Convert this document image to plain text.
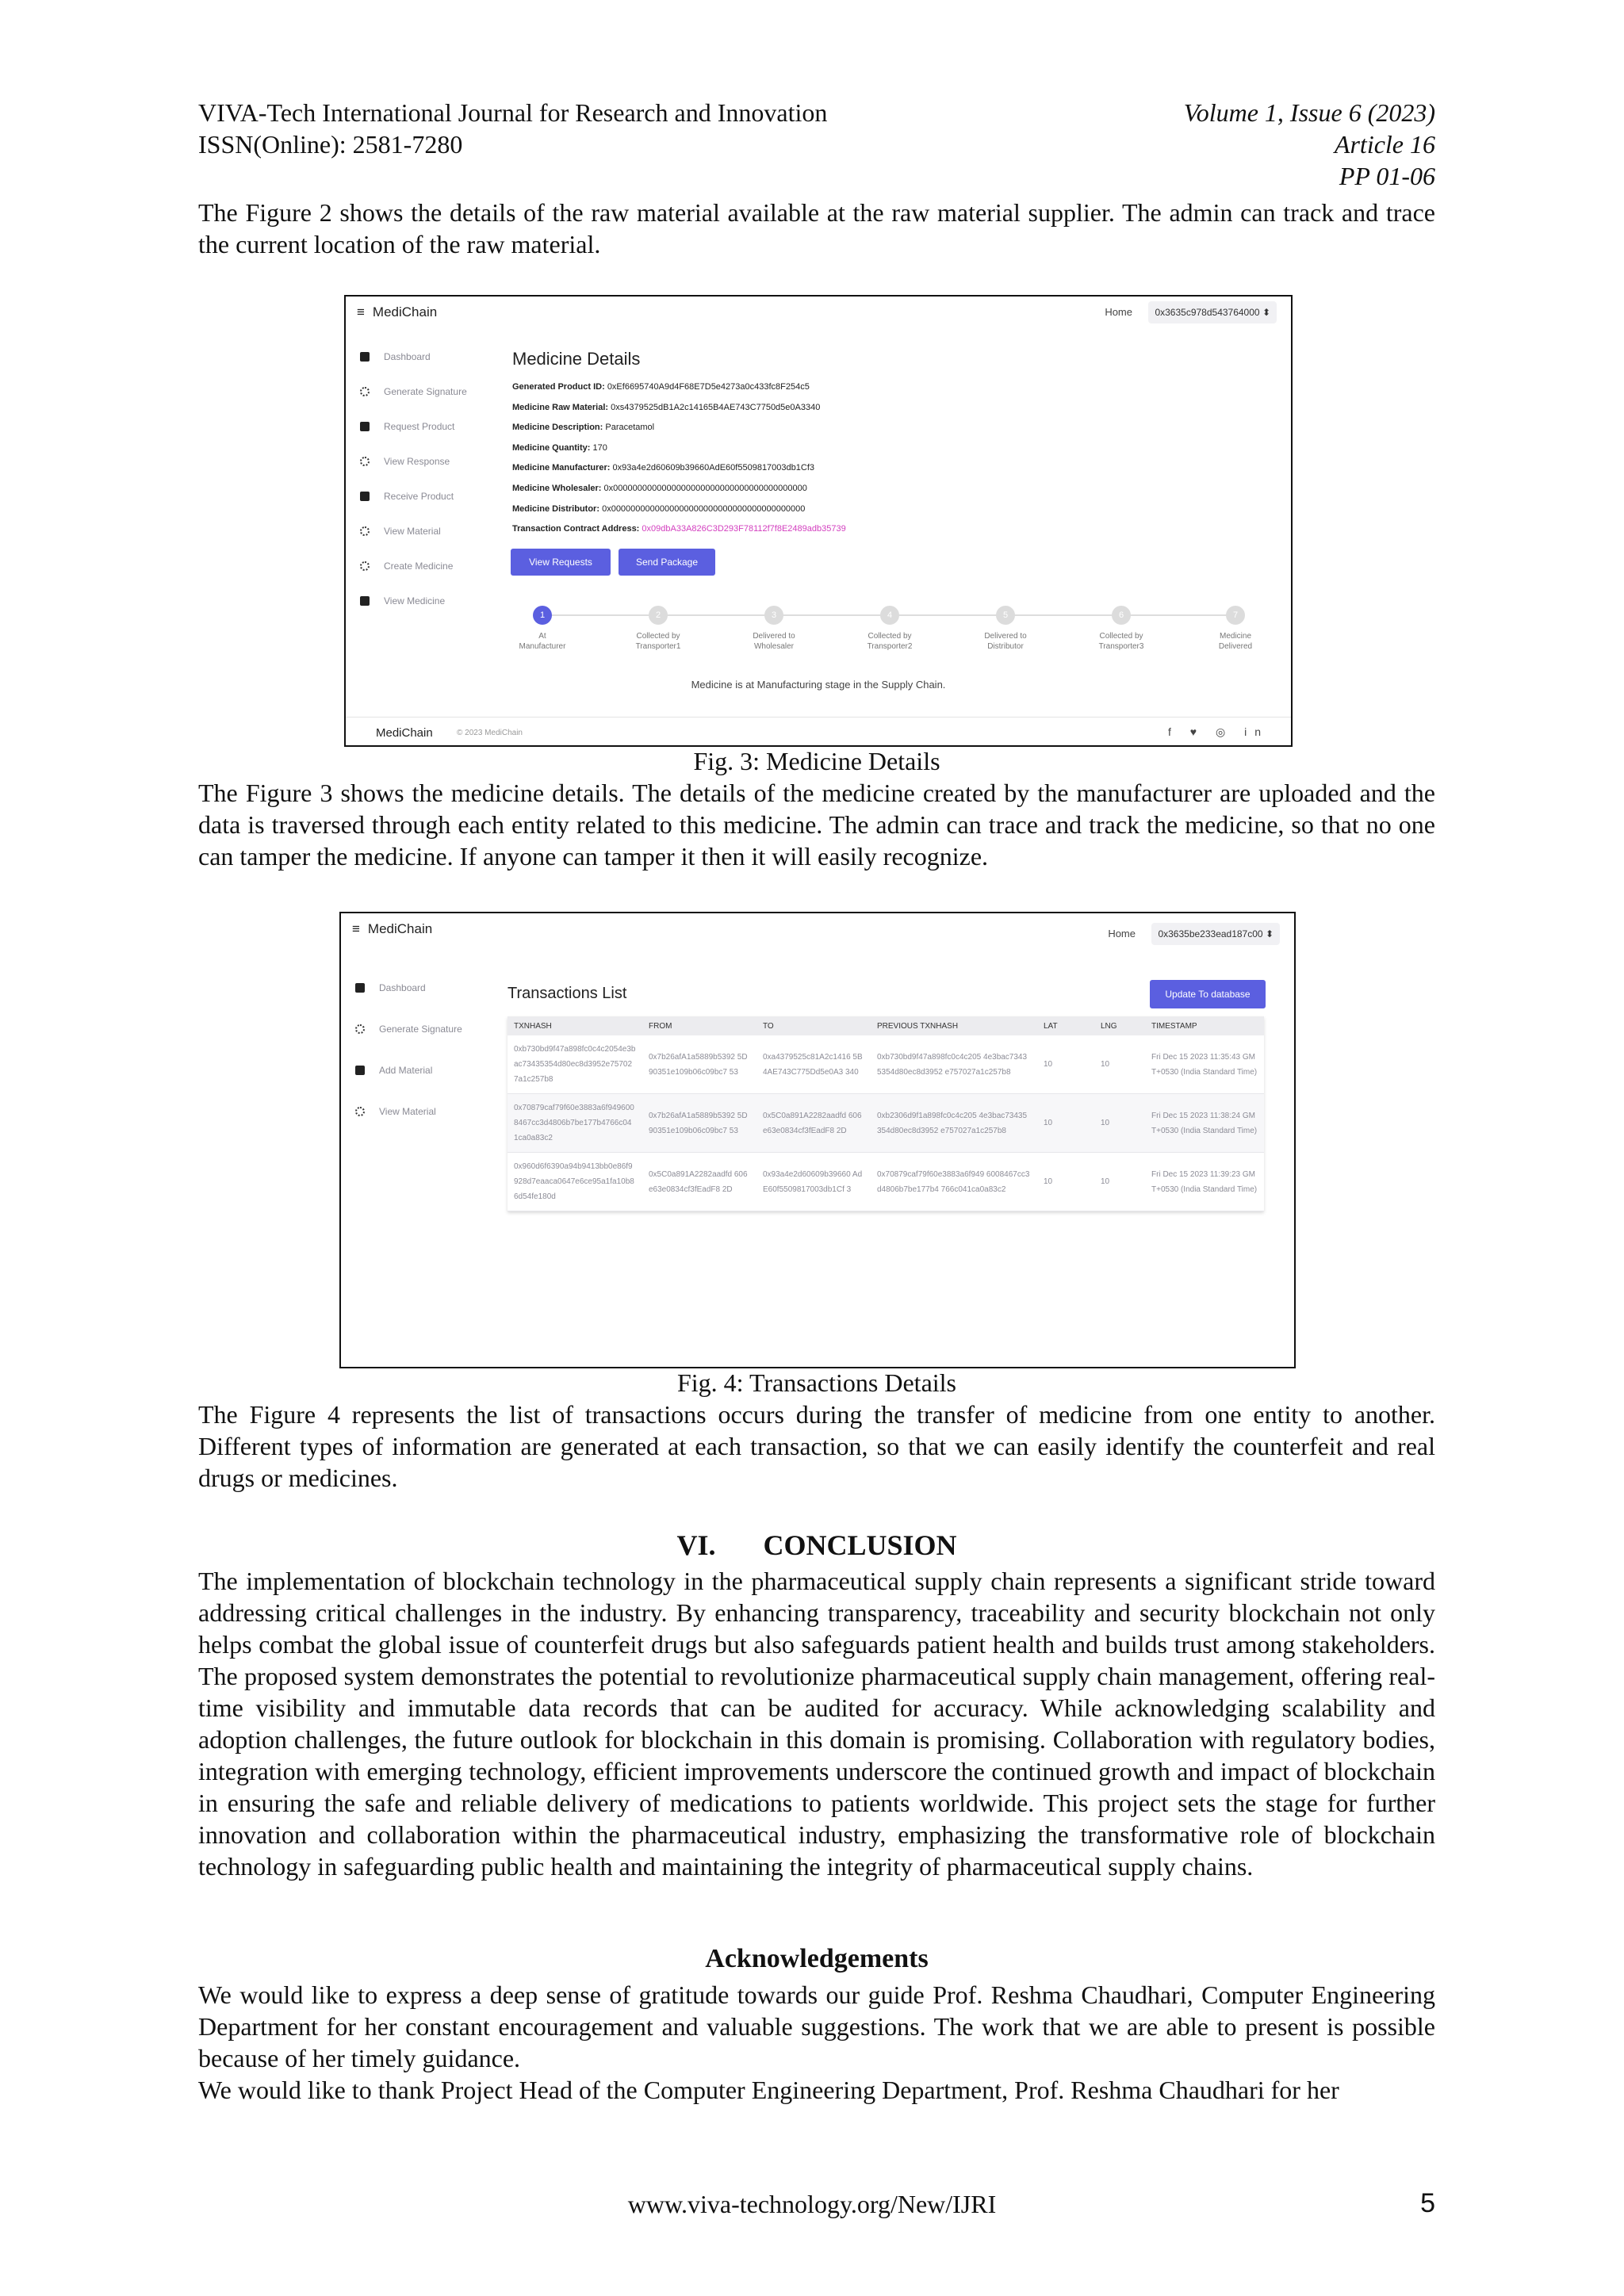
VIVA-Tech International Journal for Research and Innovation
ISSN(Online): 2581-7280
Volume 1, Issue 6 (2023)
Article 16
PP 01-06
The Figure 2 shows the details of the raw material available at the raw material supplier. The admin can track and trace the current location of the raw material.
≡ MediChain	Home	0x3635c978d543764000 ⬍
Dashboard
Generate Signature
Request Product
View Response
Receive Product
View Material
Create Medicine
View Medicine
Medicine Details
Generated Product ID: 0xEf6695740A9d4F68E7D5e4273a0c433fc8F254c5
Medicine Raw Material: 0xs4379525dB1A2c14165B4AE743C7750d5e0A3340
Medicine Description: Paracetamol
Medicine Quantity: 170
Medicine Manufacturer: 0x93a4e2d60609b39660AdE60f5509817003db1Cf3
Medicine Wholesaler: 0x0000000000000000000000000000000000000000
Medicine Distributor: 0x0000000000000000000000000000000000000000
Transaction Contract Address: 0x09dbA33A826C3D293F78112f7f8E2489adb35739
View Requests	Send Package
1	2	3	4	5	6	7
At
Manufacturer
Collected by
Transporter1
Delivered to
Wholesaler
Collected by
Transporter2
Delivered to
Distributor
Collected by
Transporter3
Medicine
Delivered
Medicine is at Manufacturing stage in the Supply Chain.
MediChain	© 2023 MediChain	f ♥ ◎ in
Fig. 3: Medicine Details
The Figure 3 shows the medicine details. The details of the medicine created by the manufacturer are uploaded and the data is traversed through each entity related to this medicine. The admin can trace and track the medicine, so that no one can tamper the medicine. If anyone can tamper it then it will easily recognize.
≡ MediChain	Home	0x3635be233ead187c00 ⬍
Dashboard
Generate Signature
Add Material
View Material
Transactions List	Update To database
TXNHASH	FROM	TO	PREVIOUS TXNHASH	LAT	LNG	TIMESTAMP
0xb730bd9f47a898fc0c4c2054e3bac73435354d80ec8d3952e757027a1c257b8	0x7b26afA1a5889b5392 5D90351e109b06c09bc7 53	0xa4379525c81A2c1416 5B4AE743C775Dd5e0A3 340	0xb730bd9f47a898fc0c4c205 4e3bac73435354d80ec8d3952 e757027a1c257b8	10	10	Fri Dec 15 2023 11:35:43 GMT+0530 (India Standard Time)
0x70879caf79f60e3883a6f9496008467cc3d4806b7be177b4766c041ca0a83c2	0x7b26afA1a5889b5392 5D90351e109b06c09bc7 53	0x5C0a891A2282aadfd 606e63e0834cf3fEadF8 2D	0xb2306d9f1a898fc0c4c205 4e3bac73435354d80ec8d3952 e757027a1c257b8	10	10	Fri Dec 15 2023 11:38:24 GMT+0530 (India Standard Time)
0x960d6f6390a94b9413bb0e86f9928d7eaaca0647e6ce95a1fa10b86d54fe180d	0x5C0a891A2282aadfd 606e63e0834cf3fEadF8 2D	0x93a4e2d60609b39660 AdE60f5509817003db1Cf 3	0x70879caf79f60e3883a6f949 6008467cc3d4806b7be177b4 766c041ca0a83c2	10	10	Fri Dec 15 2023 11:39:23 GMT+0530 (India Standard Time)
Fig. 4: Transactions Details
The Figure 4 represents the list of transactions occurs during the transfer of medicine from one entity to another. Different types of information are generated at each transaction, so that we can easily identify the counterfeit and real drugs or medicines.
VI. CONCLUSION
The implementation of blockchain technology in the pharmaceutical supply chain represents a significant stride toward addressing critical challenges in the industry. By enhancing transparency, traceability and security blockchain not only helps combat the global issue of counterfeit drugs but also safeguards patient health and builds trust among stakeholders. The proposed system demonstrates the potential to revolutionize pharmaceutical supply chain management, offering real-time visibility and immutable data records that can be audited for accuracy. While acknowledging scalability and adoption challenges, the future outlook for blockchain in this domain is promising. Collaboration with regulatory bodies, integration with emerging technology, efficient improvements underscore the continued growth and impact of blockchain in ensuring the safe and reliable delivery of medications to patients worldwide. This project sets the stage for further innovation and collaboration within the pharmaceutical industry, emphasizing the transformative role of blockchain technology in safeguarding public health and maintaining the integrity of pharmaceutical supply chains.
Acknowledgements
We would like to express a deep sense of gratitude towards our guide Prof. Reshma Chaudhari, Computer Engineering Department for her constant encouragement and valuable suggestions. The work that we are able to present is possible because of her timely guidance.
We would like to thank Project Head of the Computer Engineering Department, Prof. Reshma Chaudhari for her
www.viva-technology.org/New/IJRI	5
